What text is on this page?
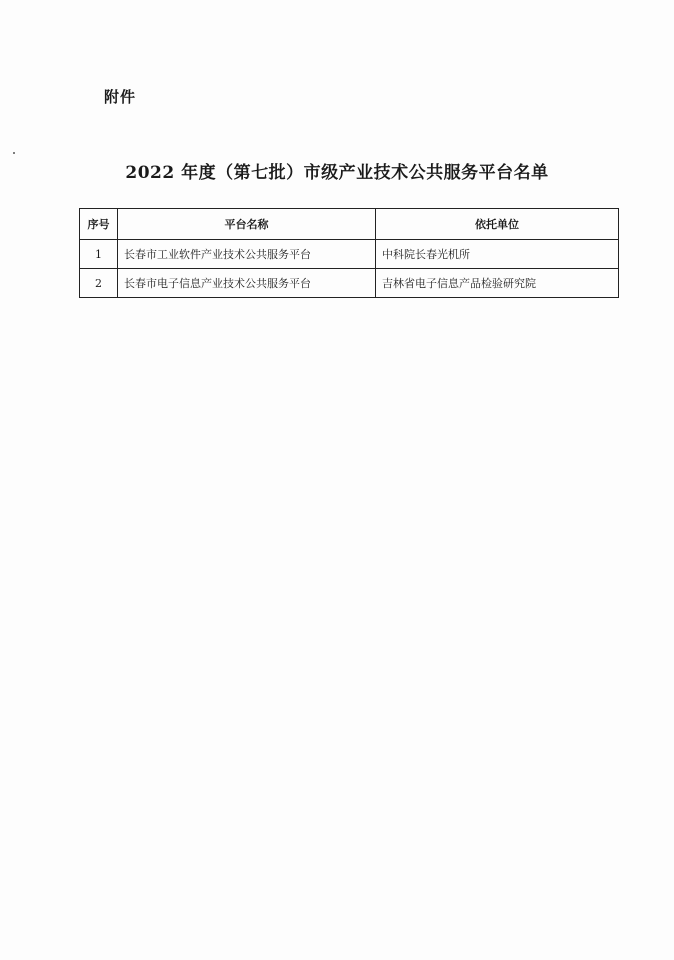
附件
2022 年度（第七批）市级产业技术公共服务平台名单
序号	平台名称	依托单位
1	长春市工业软件产业技术公共服务平台	中科院长春光机所
2	长春市电子信息产业技术公共服务平台	吉林省电子信息产品检验研究院
